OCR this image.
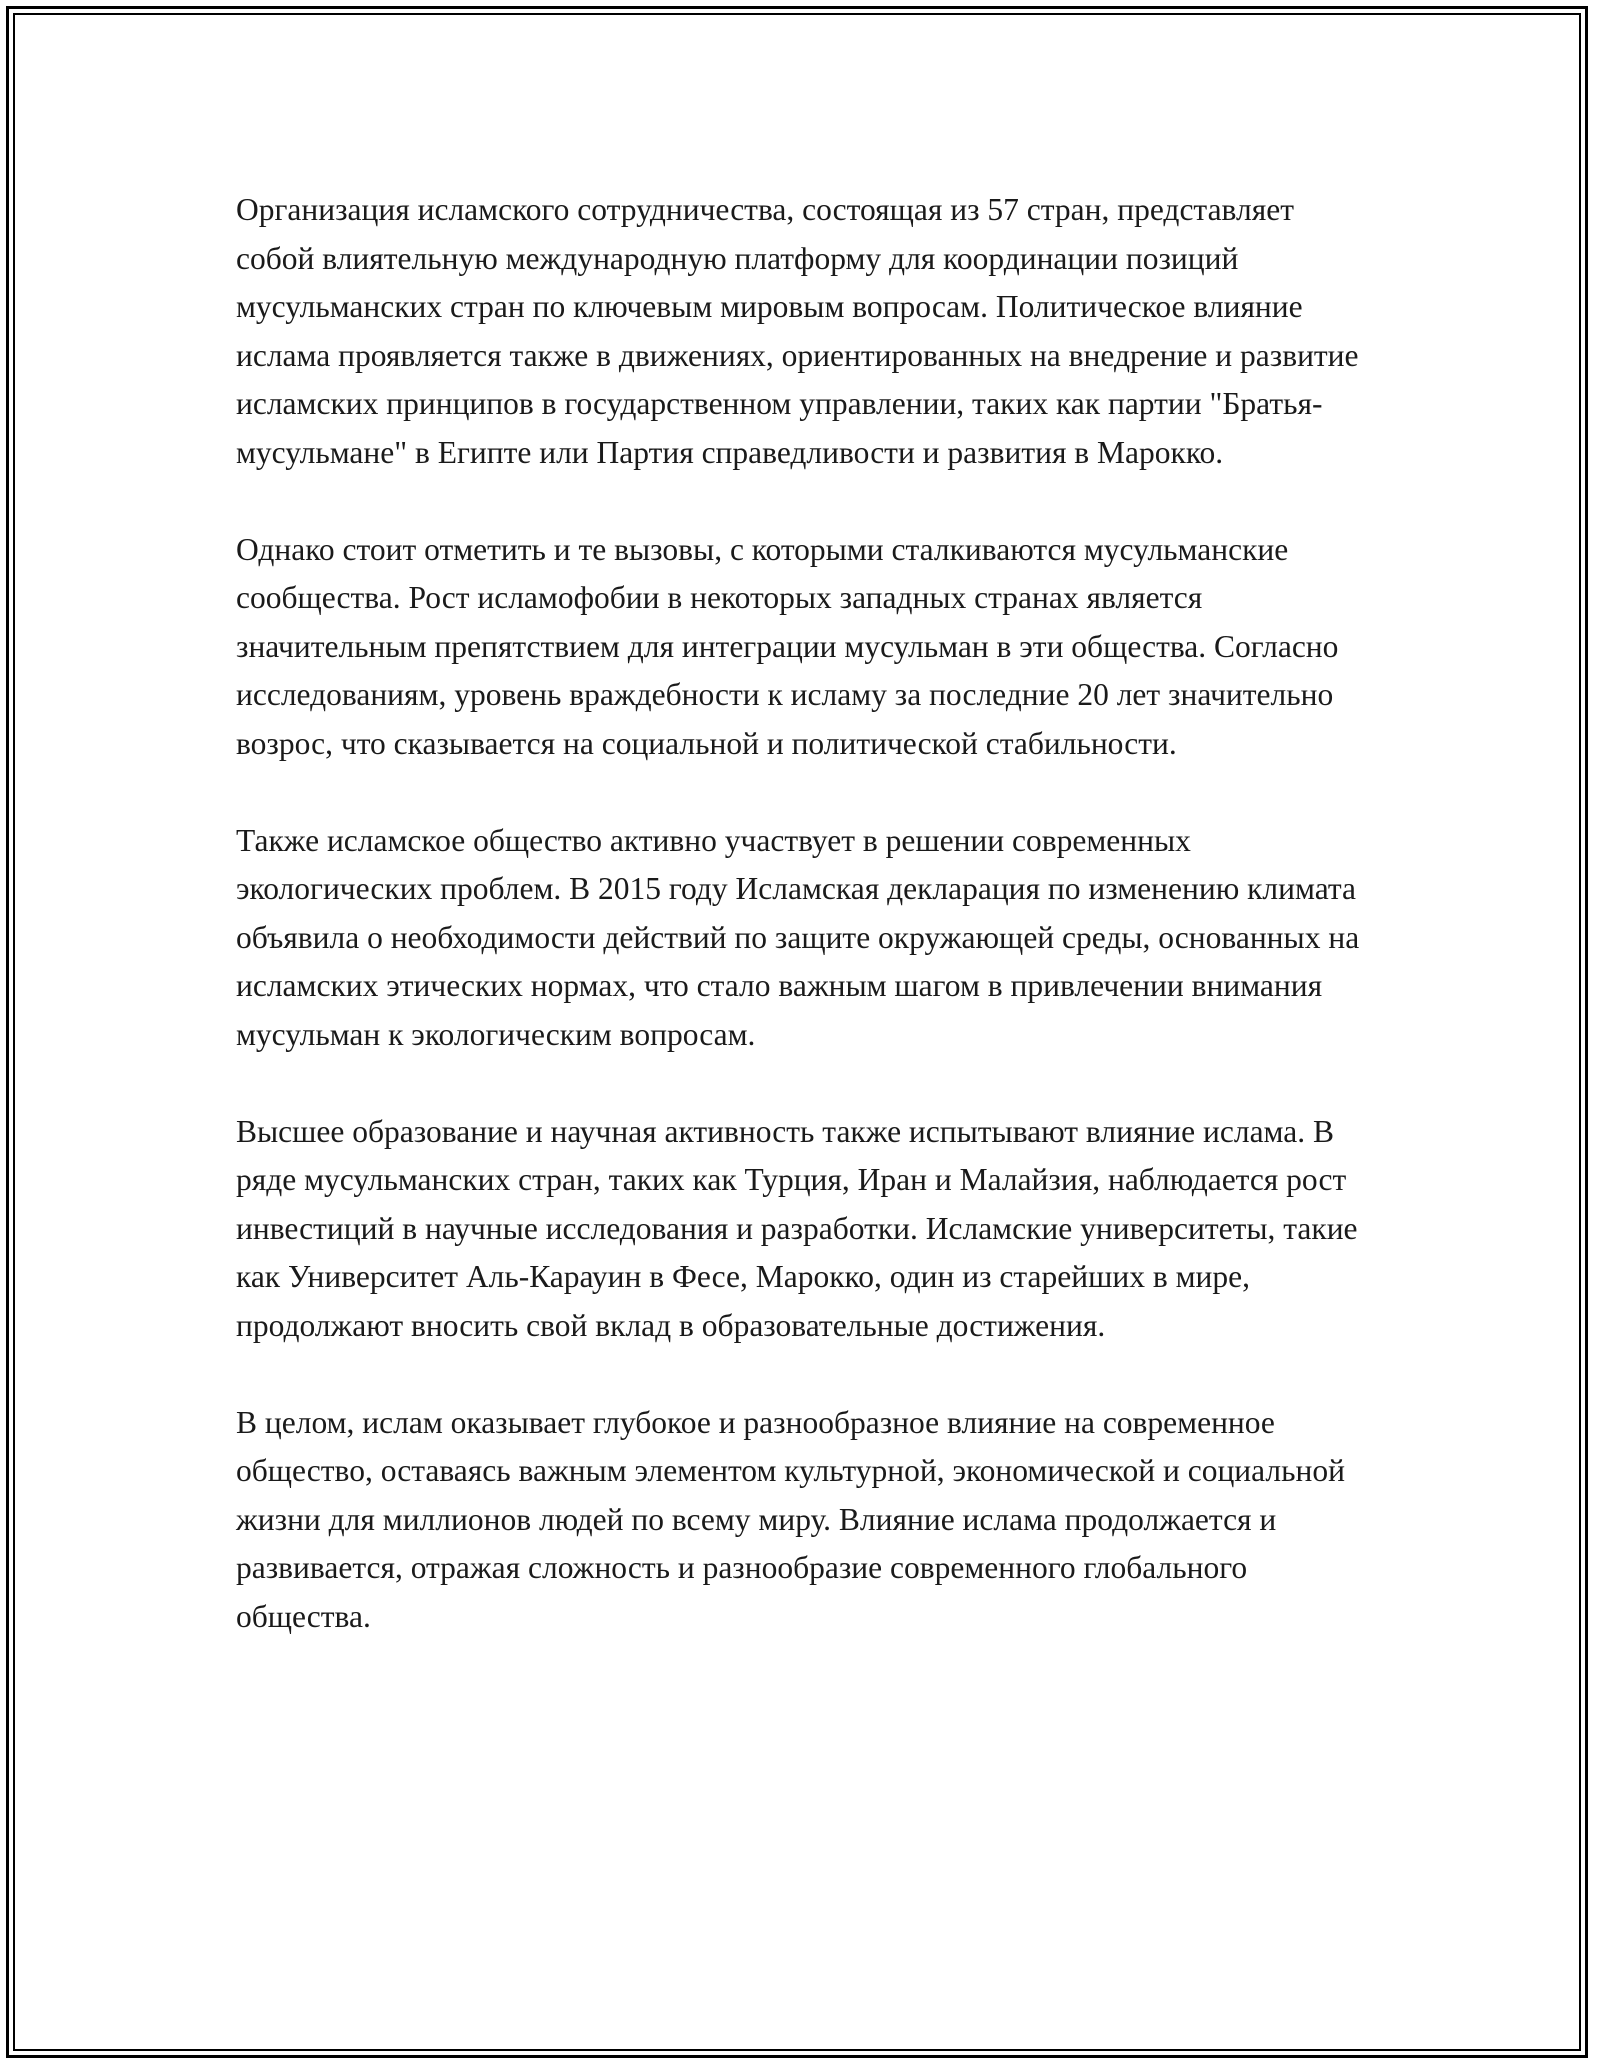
Организация исламского сотрудничества, состоящая из 57 стран, представляет собой влиятельную международную платформу для координации позиций мусульманских стран по ключевым мировым вопросам. Политическое влияние ислама проявляется также в движениях, ориентированных на внедрение и развитие исламских принципов в государственном управлении, таких как партии "Братья-мусульмане" в Египте или Партия справедливости и развития в Марокко.

Однако стоит отметить и те вызовы, с которыми сталкиваются мусульманские сообщества. Рост исламофобии в некоторых западных странах является значительным препятствием для интеграции мусульман в эти общества. Согласно исследованиям, уровень враждебности к исламу за последние 20 лет значительно возрос, что сказывается на социальной и политической стабильности.

Также исламское общество активно участвует в решении современных экологических проблем. В 2015 году Исламская декларация по изменению климата объявила о необходимости действий по защите окружающей среды, основанных на исламских этических нормах, что стало важным шагом в привлечении внимания мусульман к экологическим вопросам.

Высшее образование и научная активность также испытывают влияние ислама. В ряде мусульманских стран, таких как Турция, Иран и Малайзия, наблюдается рост инвестиций в научные исследования и разработки. Исламские университеты, такие как Университет Аль-Карауин в Фесе, Марокко, один из старейших в мире, продолжают вносить свой вклад в образовательные достижения.

В целом, ислам оказывает глубокое и разнообразное влияние на современное общество, оставаясь важным элементом культурной, экономической и социальной жизни для миллионов людей по всему миру. Влияние ислама продолжается и развивается, отражая сложность и разнообразие современного глобального общества.
